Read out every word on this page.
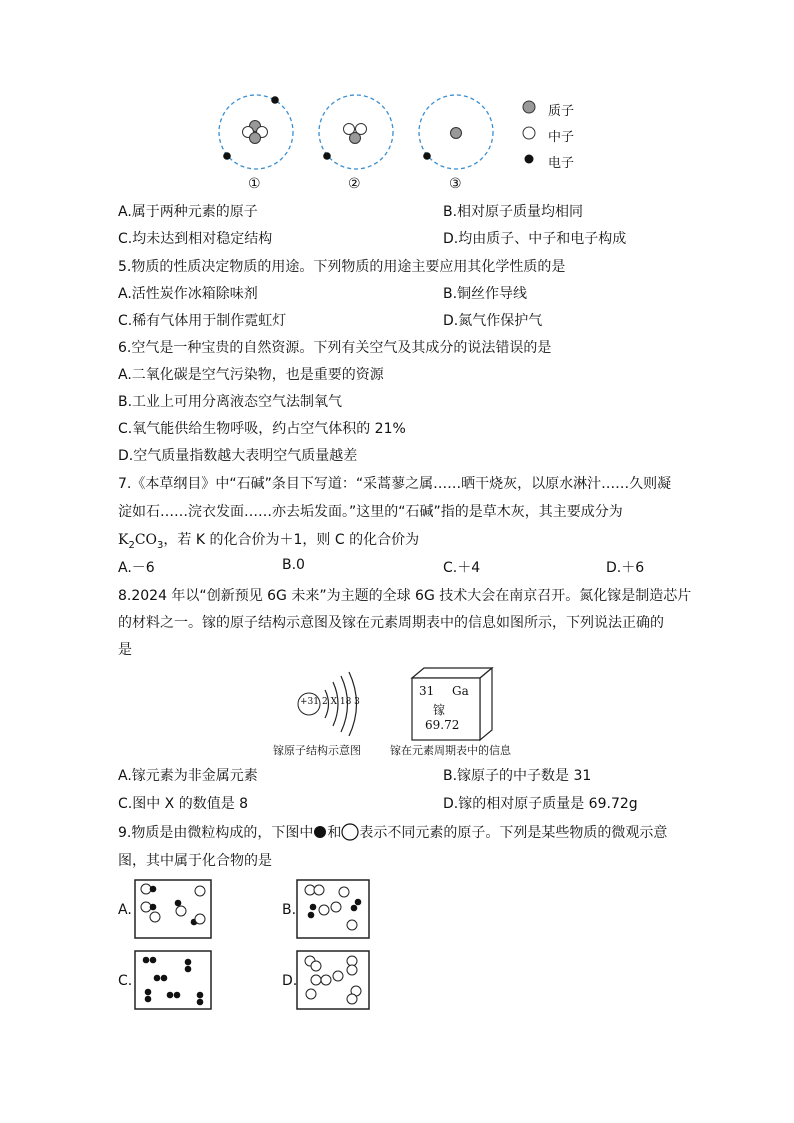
①	②	③
质子
中子
电子
A.属于两种元素的原子	B.相对原子质量均相同
C.均未达到相对稳定结构	D.均由质子、中子和电子构成
5.物质的性质决定物质的用途。下列物质的用途主要应用其化学性质的是
A.活性炭作冰箱除味剂	B.铜丝作导线
C.稀有气体用于制作霓虹灯	D.氮气作保护气
6.空气是一种宝贵的自然资源。下列有关空气及其成分的说法错误的是
A.二氧化碳是空气污染物，也是重要的资源
B.工业上可用分离液态空气法制氧气
C.氧气能供给生物呼吸，约占空气体积的 21%
D.空气质量指数越大表明空气质量越差
7.《本草纲目》中“石碱”条目下写道：“采蒿蓼之属……晒干烧灰，以原水淋汁……久则凝
淀如石……浣衣发面……亦去垢发面。”这里的“石碱”指的是草木灰，其主要成分为
$K_2CO_3$，若 K 的化合价为＋1，则 C 的化合价为
A.－6	B.0	C.＋4	D.＋6
8.2024 年以“创新预见 6G 未来”为主题的全球 6G 技术大会在南京召开。氮化镓是制造芯片
的材料之一。镓的原子结构示意图及镓在元素周期表中的信息如图所示，下列说法正确的
是
+31 2 X 18 3
31 Ga
镓
69.72
镓原子结构示意图	镓在元素周期表中的信息
A.镓元素为非金属元素	B.镓原子的中子数是 31
C.图中 X 的数值是 8	D.镓的相对原子质量是 69.72g
9.物质是由微粒构成的，下图中 和 表示不同元素的原子。下列是某些物质的微观示意
图，其中属于化合物的是
A.	B.
C.	D.
